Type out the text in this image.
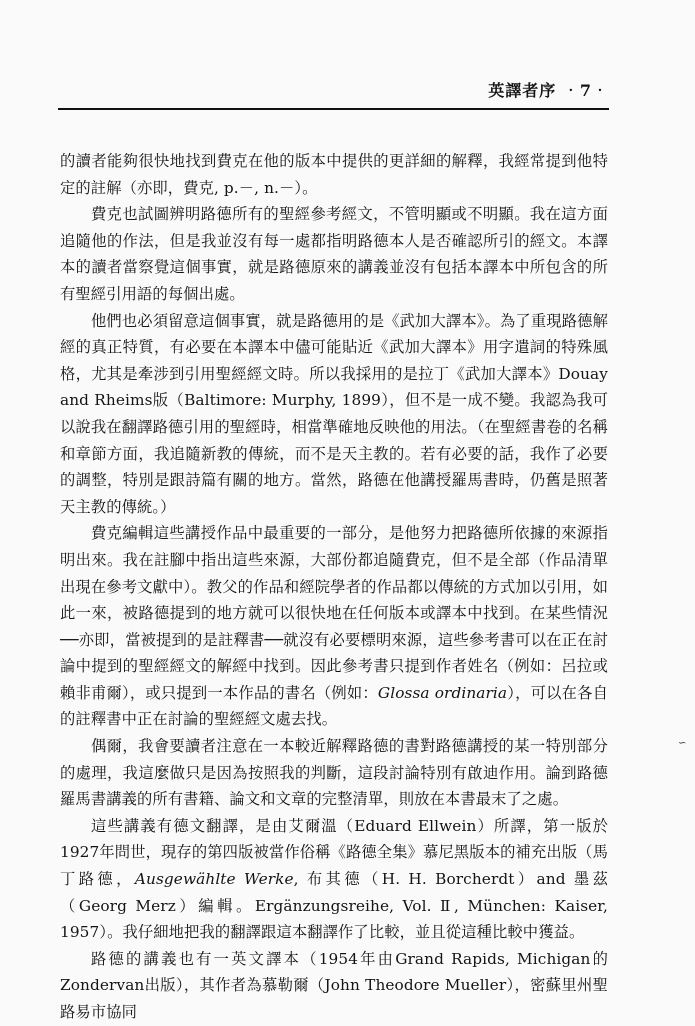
英譯者序 ‧7‧

的讀者能夠很快地找到費克在他的版本中提供的更詳細的解釋，我經常提到他特定的註解（亦即，費克, p.－, n.－）。

費克也試圖辨明路德所有的聖經參考經文，不管明顯或不明顯。我在這方面追隨他的作法，但是我並沒有每一處都指明路德本人是否確認所引的經文。本譯本的讀者當察覺這個事實，就是路德原來的講義並沒有包括本譯本中所包含的所有聖經引用語的每個出處。

他們也必須留意這個事實，就是路德用的是《武加大譯本》。為了重現路德解經的真正特質，有必要在本譯本中儘可能貼近《武加大譯本》用字遣詞的特殊風格，尤其是牽涉到引用聖經經文時。所以我採用的是拉丁《武加大譯本》Douay and Rheims版（Baltimore: Murphy, 1899），但不是一成不變。我認為我可以說我在翻譯路德引用的聖經時，相當準確地反映他的用法。（在聖經書卷的名稱和章節方面，我追隨新教的傳統，而不是天主教的。若有必要的話，我作了必要的調整，特別是跟詩篇有關的地方。當然，路德在他講授羅馬書時，仍舊是照著天主教的傳統。）

費克編輯這些講授作品中最重要的一部分，是他努力把路德所依據的來源指明出來。我在註腳中指出這些來源，大部份都追隨費克，但不是全部（作品清單出現在參考文獻中）。教父的作品和經院學者的作品都以傳統的方式加以引用，如此一來，被路德提到的地方就可以很快地在任何版本或譯本中找到。在某些情況──亦即，當被提到的是註釋書──就沒有必要標明來源，這些參考書可以在正在討論中提到的聖經經文的解經中找到。因此參考書只提到作者姓名（例如：呂拉或賴非甫爾），或只提到一本作品的書名（例如：Glossa ordinaria），可以在各自的註釋書中正在討論的聖經經文處去找。

偶爾，我會要讀者注意在一本較近解釋路德的書對路德講授的某一特別部分的處理，我這麼做只是因為按照我的判斷，這段討論特別有啟迪作用。論到路德羅馬書講義的所有書籍、論文和文章的完整清單，則放在本書最末了之處。

這些講義有德文翻譯，是由艾爾溫（Eduard Ellwein）所譯，第一版於1927年問世，現存的第四版被當作俗稱《路德全集》慕尼黑版本的補充出版（馬丁路德，Ausgewählte Werke, 布其德（H. H. Borcherdt）and 墨茲（Georg Merz）編輯。Ergänzungsreihe, Vol. Ⅱ, München: Kaiser, 1957）。我仔細地把我的翻譯跟這本翻譯作了比較，並且從這種比較中獲益。

路德的講義也有一英文譯本（1954年由Grand Rapids, Michigan的Zondervan出版），其作者為慕勒爾（John Theodore Mueller），密蘇里州聖路易市協同

∽
